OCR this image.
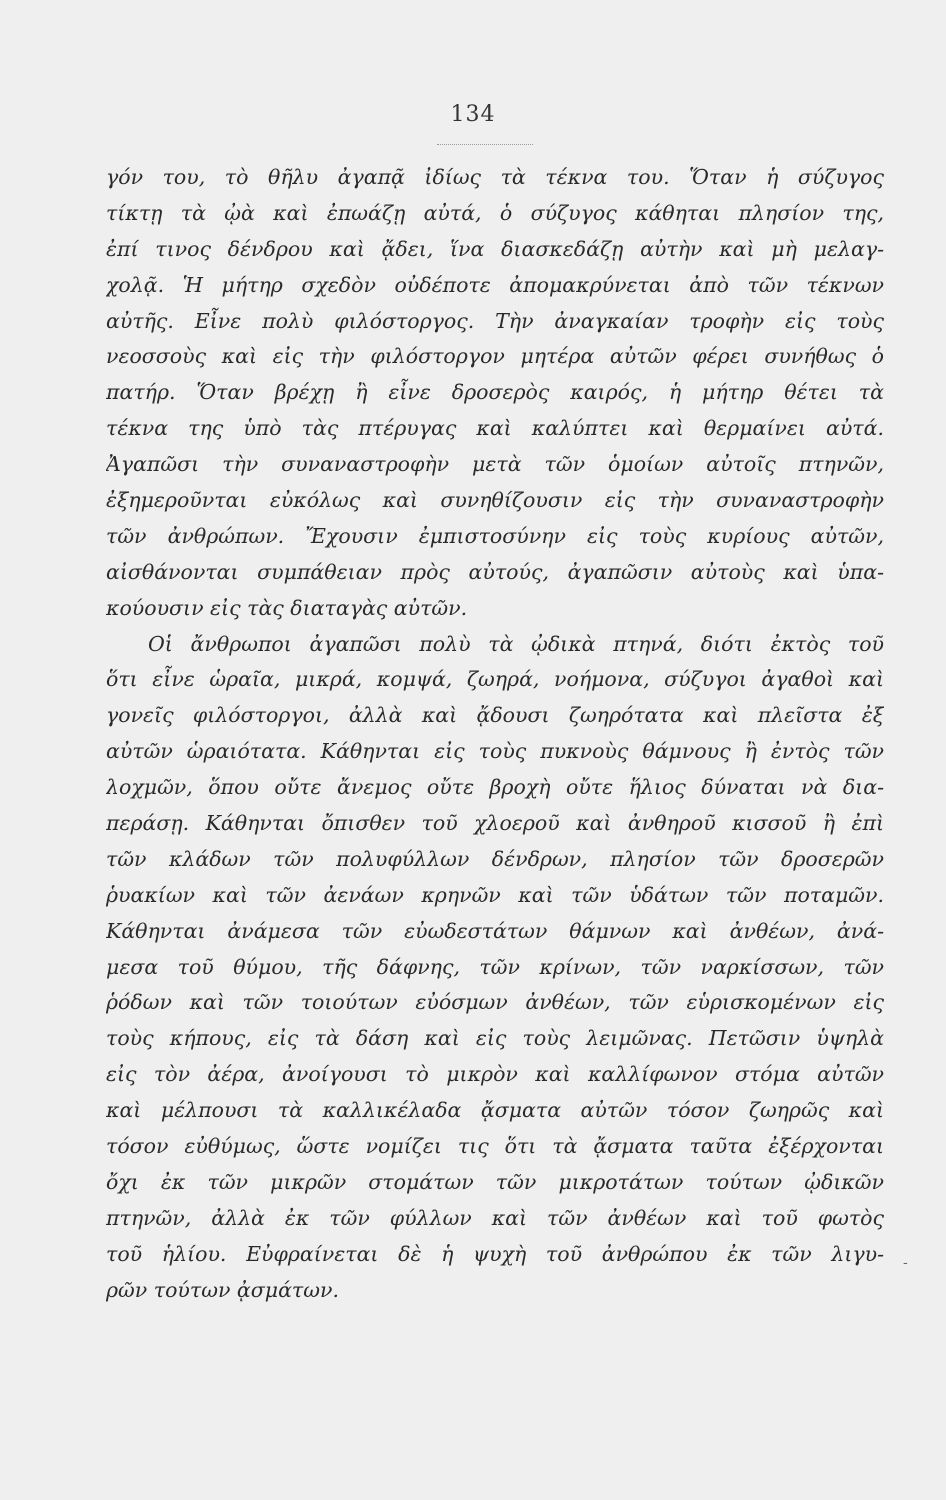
134
γόν του, τὸ θῆλυ ἀγαπᾷ ἰδίως τὰ τέκνα του. Ὅταν ἡ σύζυγος
τίκτῃ τὰ ᾠὰ καὶ ἐπωάζῃ αὐτά, ὁ σύζυγος κάθηται πλησίον της,
ἐπί τινος δένδρου καὶ ᾄδει, ἵνα διασκεδάζῃ αὐτὴν καὶ μὴ μελαγ-
χολᾷ. Ἡ μήτηρ σχεδὸν οὐδέποτε ἀπομακρύνεται ἀπὸ τῶν τέκνων
αὐτῆς. Εἶνε πολὺ φιλόστοργος. Τὴν ἀναγκαίαν τροφὴν εἰς τοὺς
νεοσσοὺς καὶ εἰς τὴν φιλόστοργον μητέρα αὐτῶν φέρει συνήθως ὁ
πατήρ. Ὅταν βρέχῃ ἢ εἶνε δροσερὸς καιρός, ἡ μήτηρ θέτει τὰ
τέκνα της ὑπὸ τὰς πτέρυγας καὶ καλύπτει καὶ θερμαίνει αὐτά.
Ἀγαπῶσι τὴν συναναστροφὴν μετὰ τῶν ὁμοίων αὐτοῖς πτηνῶν,
ἐξημεροῦνται εὐκόλως καὶ συνηθίζουσιν εἰς τὴν συναναστροφὴν
τῶν ἀνθρώπων. Ἔχουσιν ἐμπιστοσύνην εἰς τοὺς κυρίους αὐτῶν,
αἰσθάνονται συμπάθειαν πρὸς αὐτούς, ἀγαπῶσιν αὐτοὺς καὶ ὑπα-
κούουσιν εἰς τὰς διαταγὰς αὐτῶν.
Οἱ ἄνθρωποι ἀγαπῶσι πολὺ τὰ ᾠδικὰ πτηνά, διότι ἐκτὸς τοῦ
ὅτι εἶνε ὡραῖα, μικρά, κομψά, ζωηρά, νοήμονα, σύζυγοι ἀγαθοὶ καὶ
γονεῖς φιλόστοργοι, ἀλλὰ καὶ ᾄδουσι ζωηρότατα καὶ πλεῖστα ἐξ
αὐτῶν ὡραιότατα. Κάθηνται εἰς τοὺς πυκνοὺς θάμνους ἢ ἐντὸς τῶν
λοχμῶν, ὅπου οὔτε ἄνεμος οὔτε βροχὴ οὔτε ἥλιος δύναται νὰ δια-
περάσῃ. Κάθηνται ὄπισθεν τοῦ χλοεροῦ καὶ ἀνθηροῦ κισσοῦ ἢ ἐπὶ
τῶν κλάδων τῶν πολυφύλλων δένδρων, πλησίον τῶν δροσερῶν
ῥυακίων καὶ τῶν ἀενάων κρηνῶν καὶ τῶν ὑδάτων τῶν ποταμῶν.
Κάθηνται ἀνάμεσα τῶν εὐωδεστάτων θάμνων καὶ ἀνθέων, ἀνά-
μεσα τοῦ θύμου, τῆς δάφνης, τῶν κρίνων, τῶν ναρκίσσων, τῶν
ῥόδων καὶ τῶν τοιούτων εὐόσμων ἀνθέων, τῶν εὑρισκομένων εἰς
τοὺς κήπους, εἰς τὰ δάση καὶ εἰς τοὺς λειμῶνας. Πετῶσιν ὑψηλὰ
εἰς τὸν ἀέρα, ἀνοίγουσι τὸ μικρὸν καὶ καλλίφωνον στόμα αὐτῶν
καὶ μέλπουσι τὰ καλλικέλαδα ᾄσματα αὐτῶν τόσον ζωηρῶς καὶ
τόσον εὐθύμως, ὥστε νομίζει τις ὅτι τὰ ᾄσματα ταῦτα ἐξέρχονται
ὄχι ἐκ τῶν μικρῶν στομάτων τῶν μικροτάτων τούτων ᾠδικῶν
πτηνῶν, ἀλλὰ ἐκ τῶν φύλλων καὶ τῶν ἀνθέων καὶ τοῦ φωτὸς
τοῦ ἡλίου. Εὐφραίνεται δὲ ἡ ψυχὴ τοῦ ἀνθρώπου ἐκ τῶν λιγυ-
ρῶν τούτων ᾀσμάτων.
-
